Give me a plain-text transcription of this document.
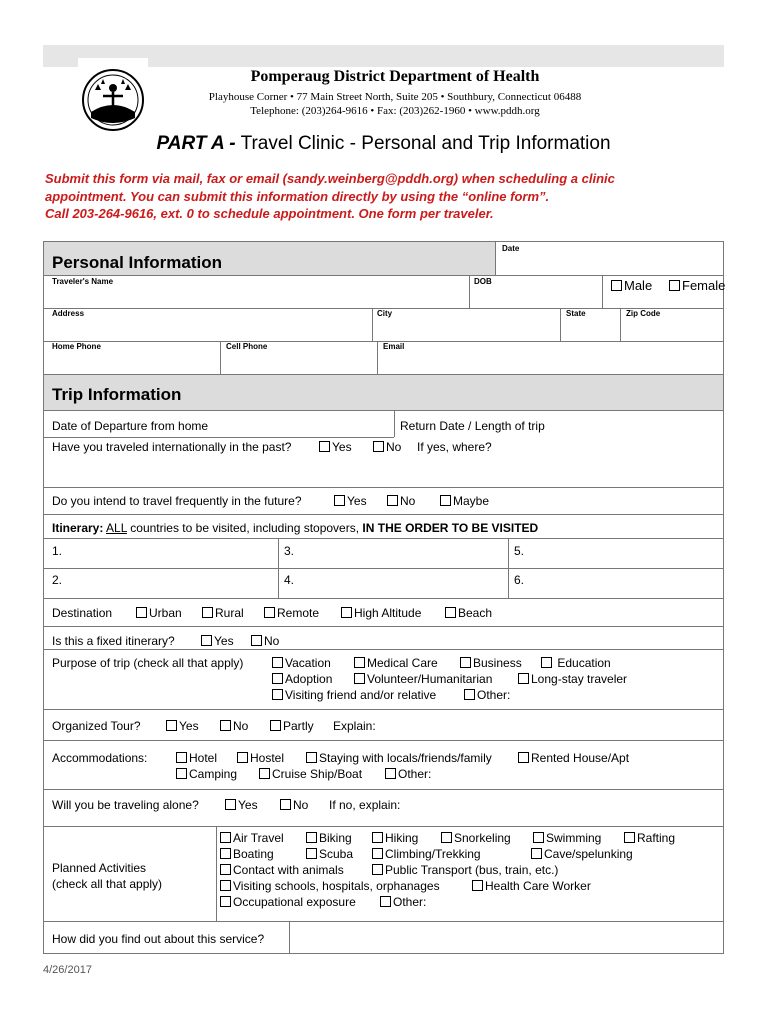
Pomperaug District Department of Health
Playhouse Corner • 77 Main Street North, Suite 205 • Southbury, Connecticut 06488
Telephone: (203)264-9616 • Fax: (203)262-1960 • www.pddh.org
PART A - Travel Clinic - Personal and Trip Information
Submit this form via mail, fax or email (sandy.weinberg@pddh.org) when scheduling a clinic
appointment. You can submit this information directly by using the “online form”.
Call 203-264-9616, ext. 0 to schedule appointment. One form per traveler.
Date
Personal Information
Traveler's Name	DOB	Male	Female
Address	City	State	Zip Code
Home Phone	Cell Phone	Email
Trip Information
Date of Departure from home	Return Date / Length of trip
Have you traveled internationally in the past?	Yes	No If yes, where?
Do you intend to travel frequently in the future?	Yes	No	Maybe
Itinerary: ALL countries to be visited, including stopovers, IN THE ORDER TO BE VISITED
1.	3.	5.
2.	4.	6.
Destination	Urban	Rural	Remote	High Altitude	Beach
Is this a fixed itinerary?	Yes	No
Purpose of trip (check all that apply)	Vacation	Medical Care	Business	Education
Adoption	Volunteer/Humanitarian	Long-stay traveler
Visiting friend and/or relative	Other:
Organized Tour?	Yes	No	Partly Explain:
Accommodations:	Hotel	Hostel	Staying with locals/friends/family	Rented House/Apt
Camping	Cruise Ship/Boat	Other:
Will you be traveling alone?	Yes	No If no, explain:
Planned Activities
(check all that apply)
Air Travel	Biking	Hiking	Snorkeling	Swimming	Rafting
Boating	Scuba	Climbing/Trekking	Cave/spelunking
Contact with animals	Public Transport (bus, train, etc.)
Visiting schools, hospitals, orphanages	Health Care Worker
Occupational exposure	Other:
How did you find out about this service?
4/26/2017
